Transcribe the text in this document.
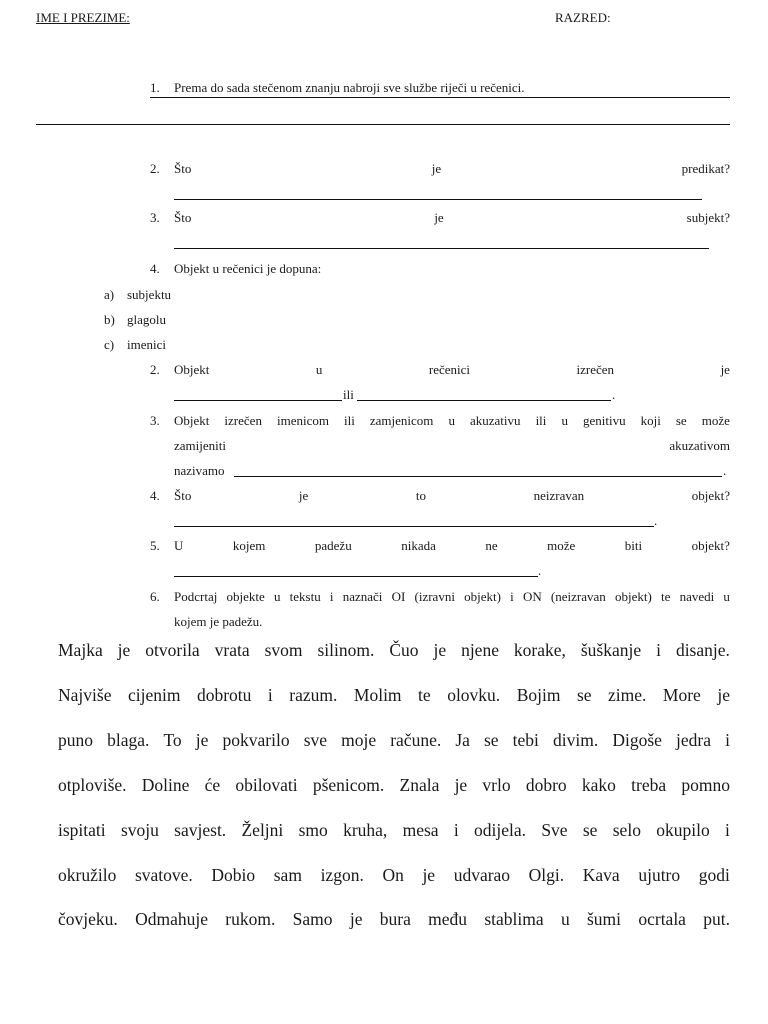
IME I PREZIME:	RAZRED:
1. Prema do sada stečenom znanju nabroji sve službe riječi u rečenici.
2. Što	je	predikat?
3. Što	je	subjekt?
4. Objekt u rečenici je dopuna:
a) subjektu
b) glagolu
c) imenici
2. Objekt	u	rečenici	izrečen	je
ili	.
3. Objekt izrečen imenicom ili zamjenicom u akuzativu ili u genitivu koji se može
zamijeniti	akuzativom
nazivamo	.
4. Što	je	to	neizravan	objekt?
.
5. U	kojem	padežu	nikada	ne	može	biti	objekt?
.
6. Podcrtaj objekte u tekstu i naznači OI (izravni objekt) i ON (neizravan objekt) te navedi u
kojem je padežu.
Majka je otvorila vrata svom silinom. Čuo je njene korake, šuškanje i disanje.
Najviše cijenim dobrotu i razum. Molim te olovku. Bojim se zime. More je
puno blaga. To je pokvarilo sve moje račune. Ja se tebi divim. Digoše jedra i
otploviše. Doline će obilovati pšenicom. Znala je vrlo dobro kako treba pomno
ispitati svoju savjest. Željni smo kruha, mesa i odijela. Sve se selo okupilo i
okružilo svatove. Dobio sam izgon. On je udvarao Olgi. Kava ujutro godi
čovjeku. Odmahuje rukom. Samo je bura među stablima u šumi ocrtala put.
